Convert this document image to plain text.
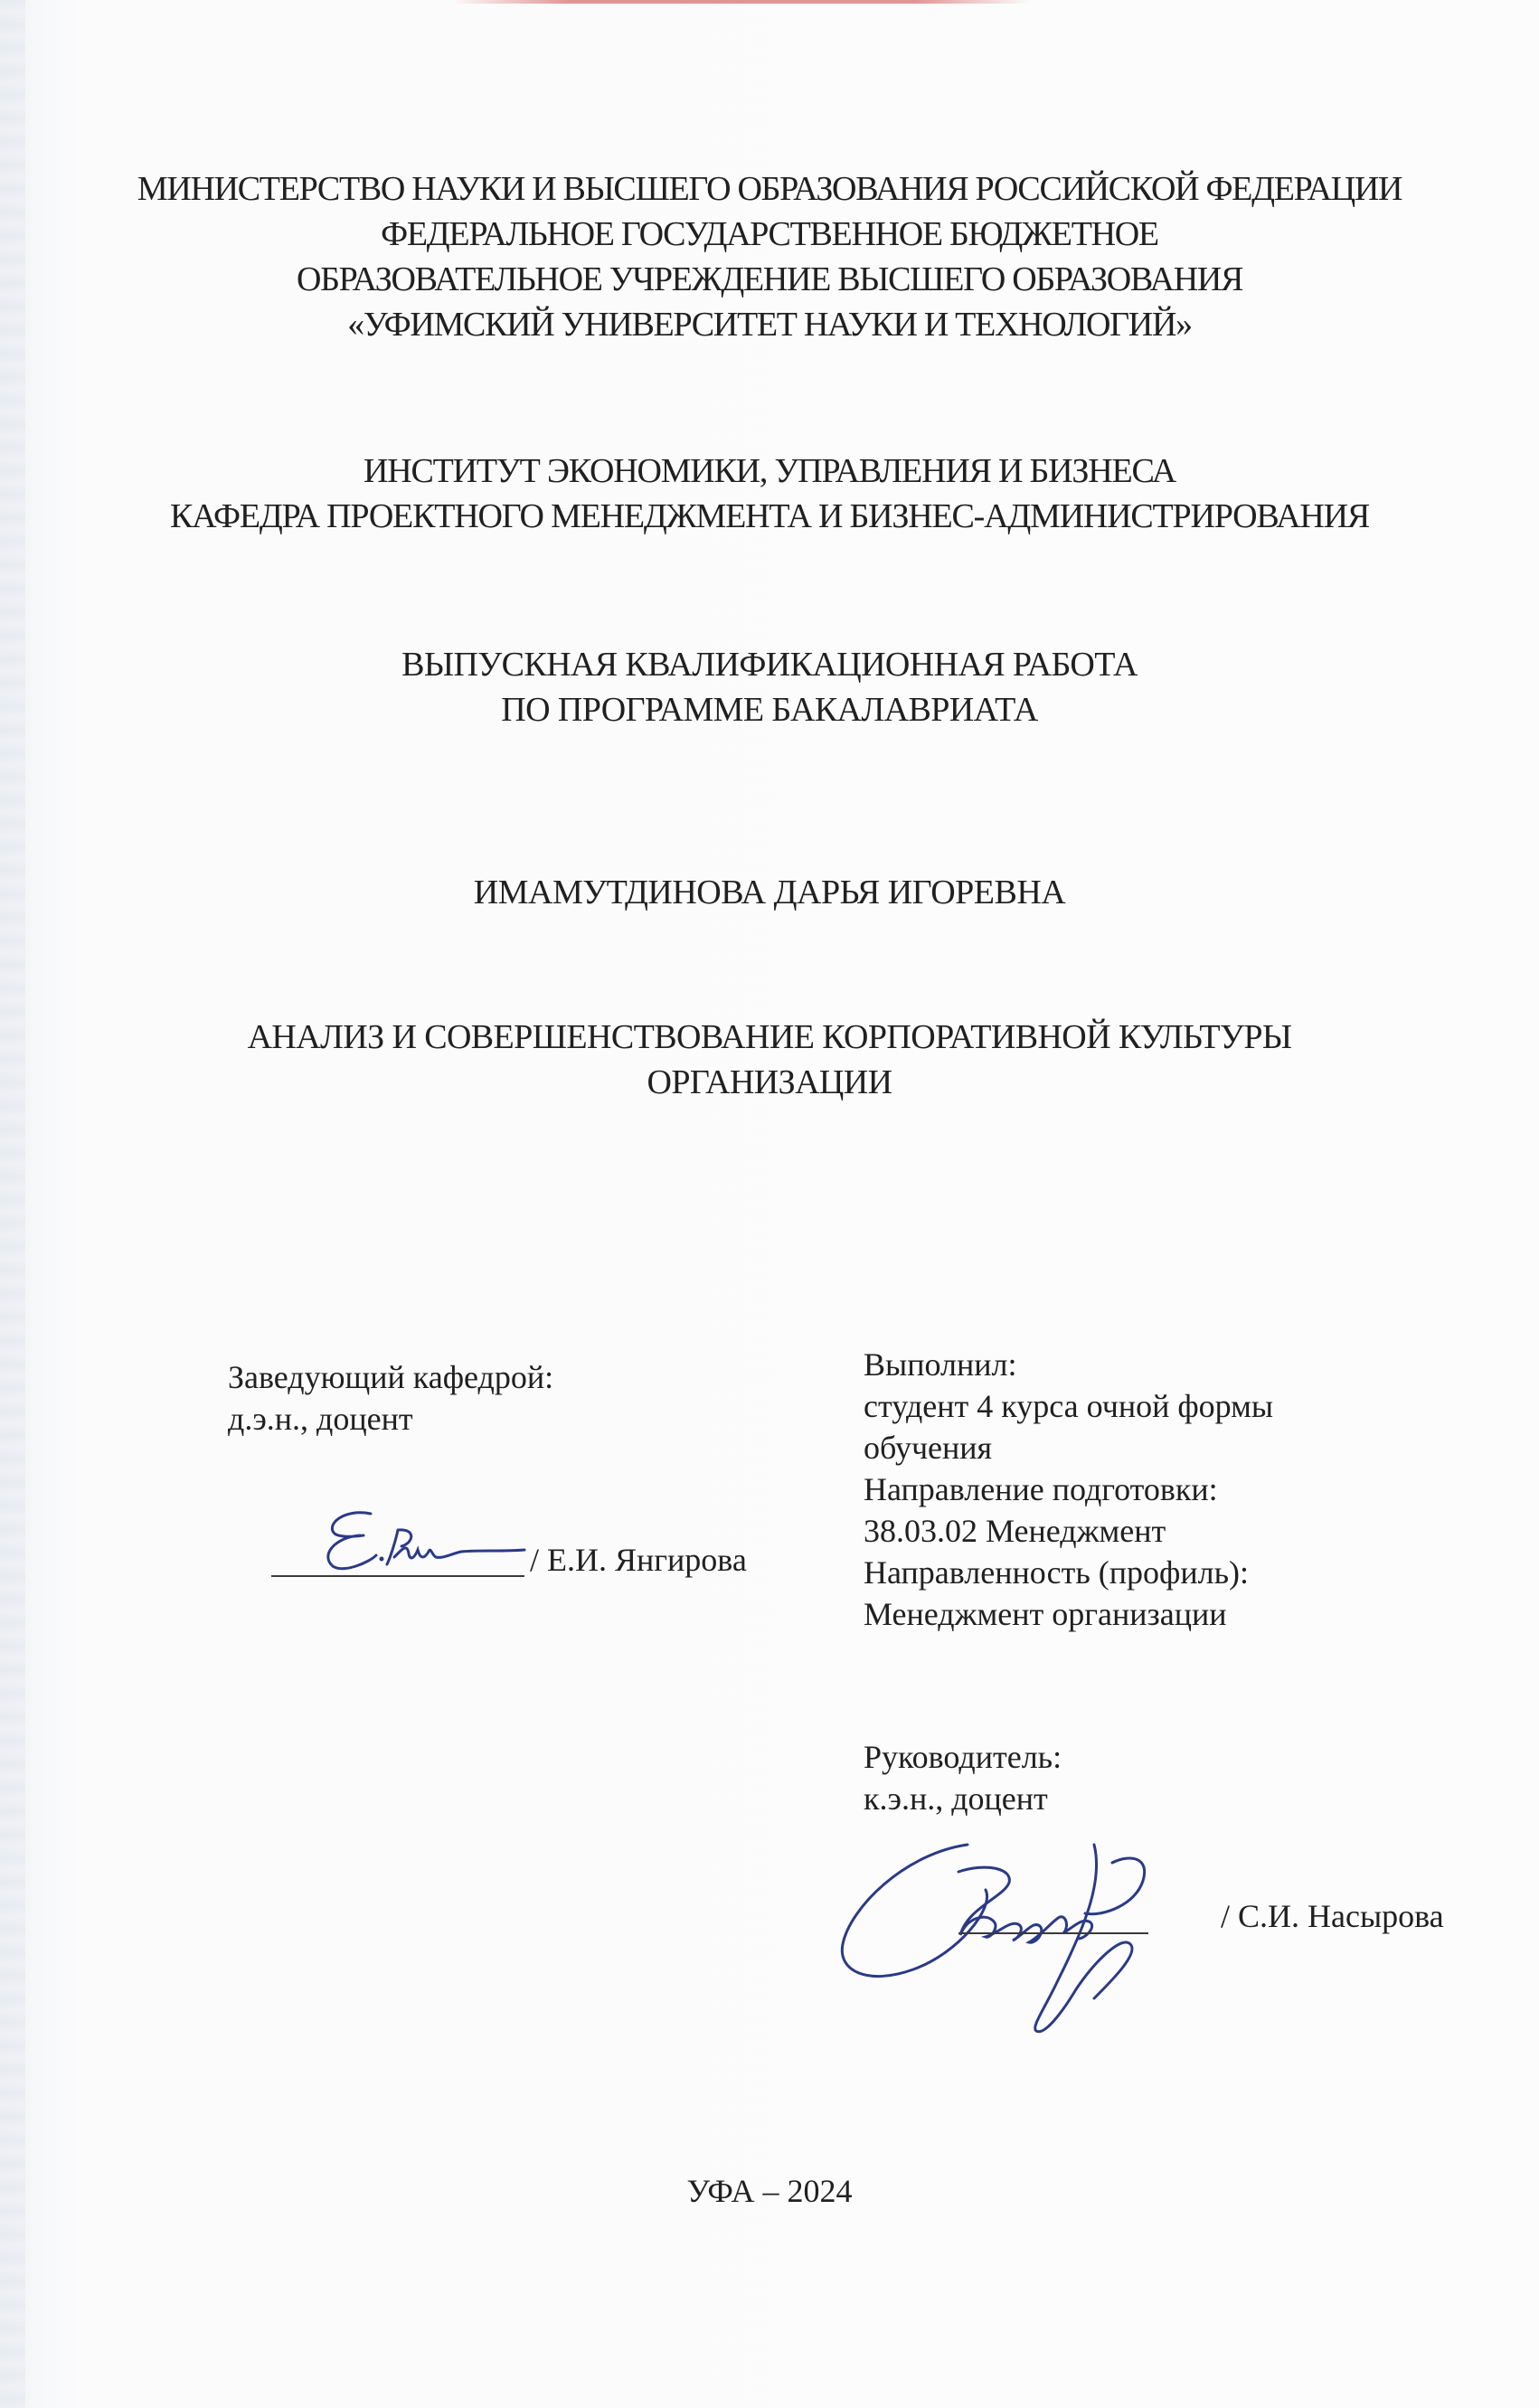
МИНИСТЕРСТВО НАУКИ И ВЫСШЕГО ОБРАЗОВАНИЯ РОССИЙСКОЙ ФЕДЕРАЦИИ
ФЕДЕРАЛЬНОЕ ГОСУДАРСТВЕННОЕ БЮДЖЕТНОЕ
ОБРАЗОВАТЕЛЬНОЕ УЧРЕЖДЕНИЕ ВЫСШЕГО ОБРАЗОВАНИЯ
«УФИМСКИЙ УНИВЕРСИТЕТ НАУКИ И ТЕХНОЛОГИЙ»
ИНСТИТУТ ЭКОНОМИКИ, УПРАВЛЕНИЯ И БИЗНЕСА
КАФЕДРА ПРОЕКТНОГО МЕНЕДЖМЕНТА И БИЗНЕС-АДМИНИСТРИРОВАНИЯ
ВЫПУСКНАЯ КВАЛИФИКАЦИОННАЯ РАБОТА
ПО ПРОГРАММЕ БАКАЛАВРИАТА
ИМАМУТДИНОВА ДАРЬЯ ИГОРЕВНА
АНАЛИЗ И СОВЕРШЕНСТВОВАНИЕ КОРПОРАТИВНОЙ КУЛЬТУРЫ
ОРГАНИЗАЦИИ
Заведующий кафедрой:
д.э.н., доцент
/ Е.И. Янгирова
Выполнил:
студент 4 курса очной формы
обучения
Направление подготовки:
38.03.02 Менеджмент
Направленность (профиль):
Менеджмент организации
Руководитель:
к.э.н., доцент
/ С.И. Насырова
УФА – 2024
